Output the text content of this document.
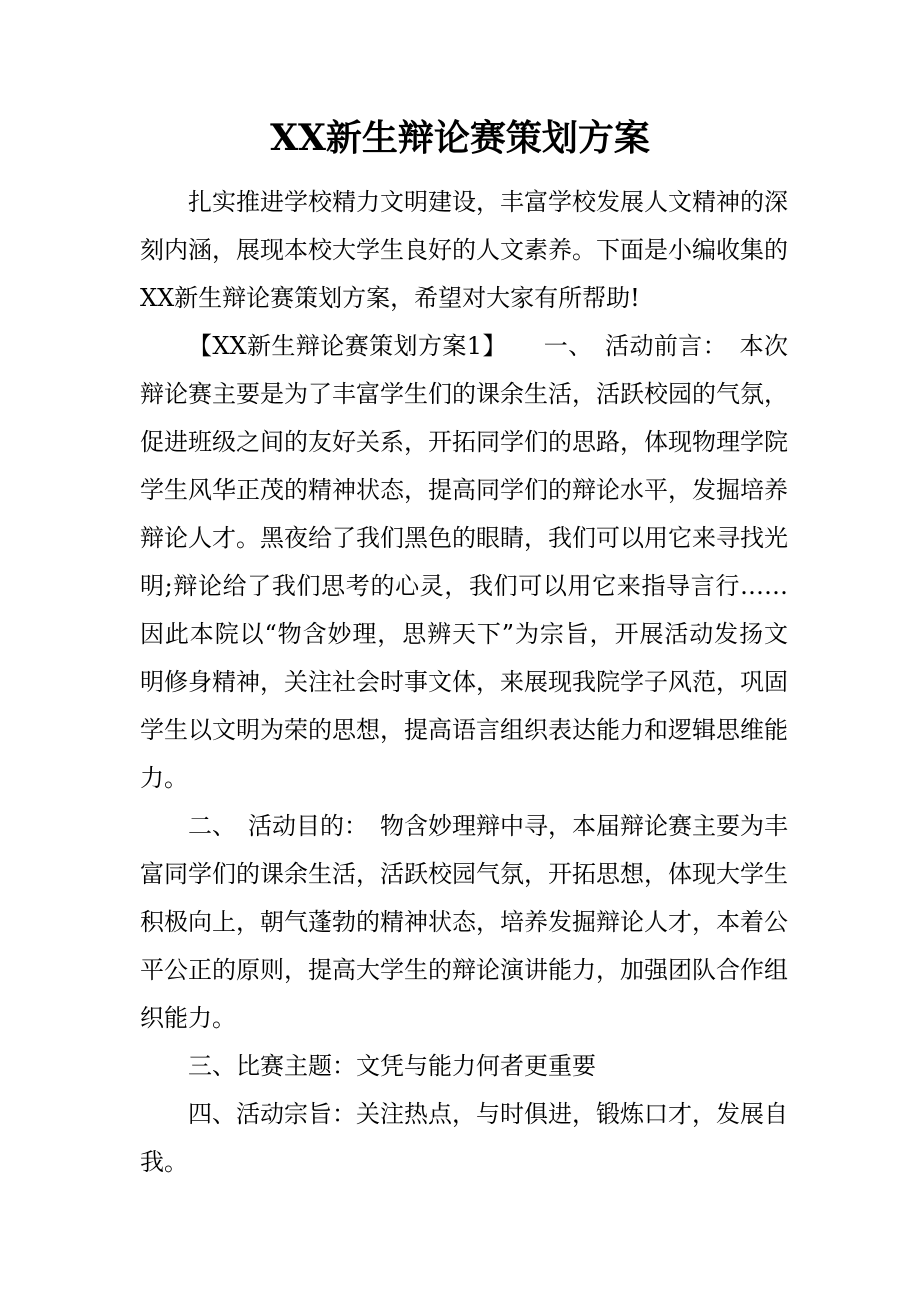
XX新生辩论赛策划方案

扎实推进学校精力文明建设，丰富学校发展人文精神的深刻内涵，展现本校大学生良好的人文素养。下面是小编收集的XX新生辩论赛策划方案，希望对大家有所帮助!

【XX新生辩论赛策划方案1】　　一、　活动前言：　本次辩论赛主要是为了丰富学生们的课余生活，活跃校园的气氛，促进班级之间的友好关系，开拓同学们的思路，体现物理学院学生风华正茂的精神状态，提高同学们的辩论水平，发掘培养辩论人才。黑夜给了我们黑色的眼睛，我们可以用它来寻找光明;辩论给了我们思考的心灵，我们可以用它来指导言行……因此本院以“物含妙理，思辨天下”为宗旨，开展活动发扬文明修身精神，关注社会时事文体，来展现我院学子风范，巩固学生以文明为荣的思想，提高语言组织表达能力和逻辑思维能力。

二、　活动目的：　物含妙理辩中寻，本届辩论赛主要为丰富同学们的课余生活，活跃校园气氛，开拓思想，体现大学生积极向上，朝气蓬勃的精神状态，培养发掘辩论人才，本着公平公正的原则，提高大学生的辩论演讲能力，加强团队合作组织能力。

三、比赛主题：文凭与能力何者更重要

四、活动宗旨：关注热点，与时俱进，锻炼口才，发展自我。
